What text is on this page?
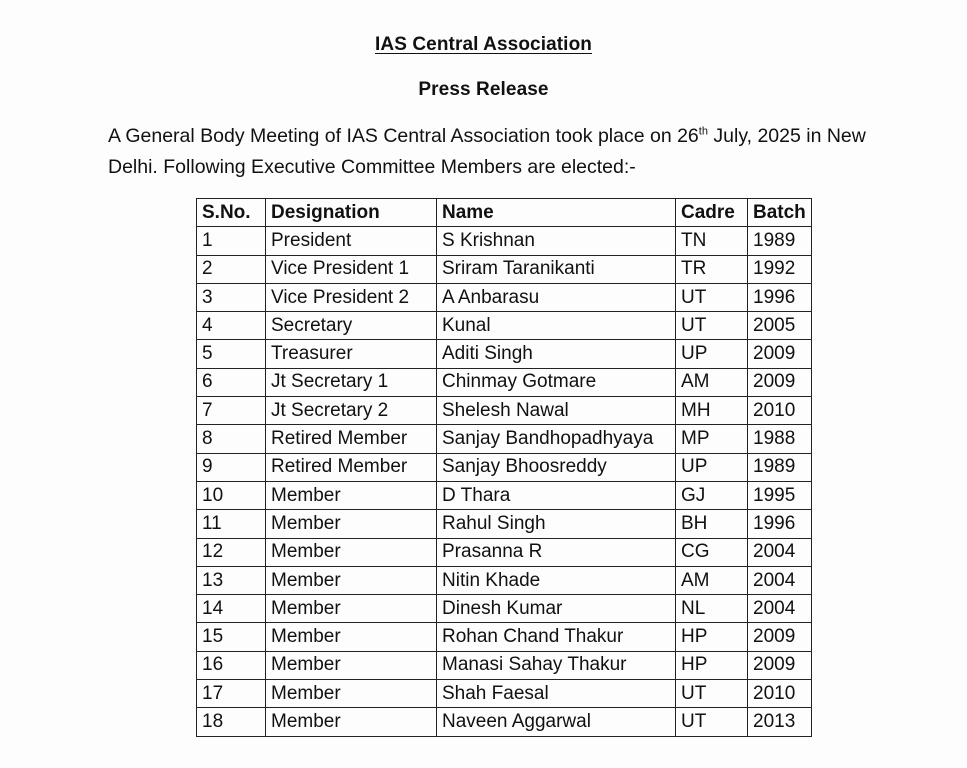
IAS Central Association
Press Release
A General Body Meeting of IAS Central Association took place on 26th July, 2025 in New Delhi. Following Executive Committee Members are elected:-
S.No.	Designation	Name	Cadre	Batch
1	President	S Krishnan	TN	1989
2	Vice President 1	Sriram Taranikanti	TR	1992
3	Vice President 2	A Anbarasu	UT	1996
4	Secretary	Kunal	UT	2005
5	Treasurer	Aditi Singh	UP	2009
6	Jt Secretary 1	Chinmay Gotmare	AM	2009
7	Jt Secretary 2	Shelesh Nawal	MH	2010
8	Retired Member	Sanjay Bandhopadhyaya	MP	1988
9	Retired Member	Sanjay Bhoosreddy	UP	1989
10	Member	D Thara	GJ	1995
11	Member	Rahul Singh	BH	1996
12	Member	Prasanna R	CG	2004
13	Member	Nitin Khade	AM	2004
14	Member	Dinesh Kumar	NL	2004
15	Member	Rohan Chand Thakur	HP	2009
16	Member	Manasi Sahay Thakur	HP	2009
17	Member	Shah Faesal	UT	2010
18	Member	Naveen Aggarwal	UT	2013
